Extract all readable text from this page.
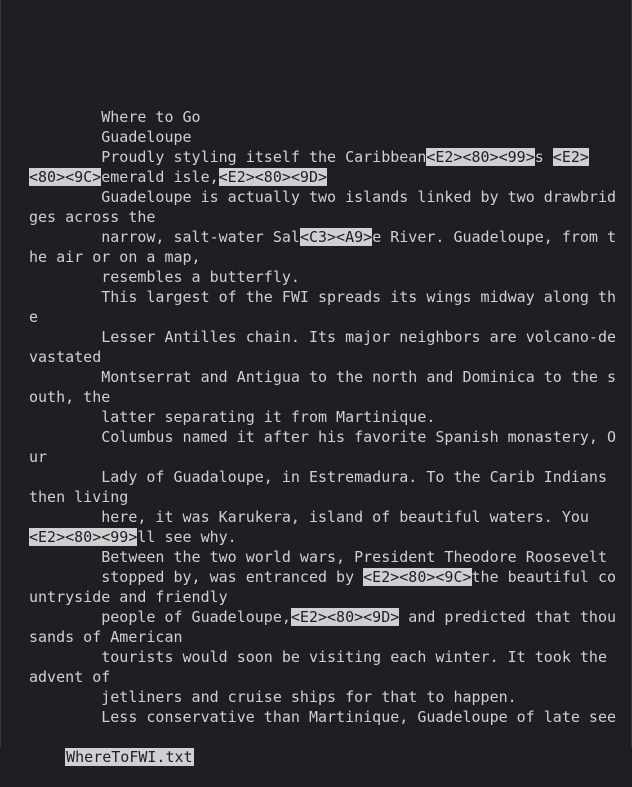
Where to Go
Guadeloupe
Proudly styling itself the Caribbean<E2><80><99>s <E2>
<80><9C>emerald isle,<E2><80><9D>
Guadeloupe is actually two islands linked by two drawbrid
ges across the
narrow, salt-water Sal<C3><A9>e River. Guadeloupe, from t
he air or on a map,
resembles a butterfly.
This largest of the FWI spreads its wings midway along th
e
Lesser Antilles chain. Its major neighbors are volcano-de
vastated
Montserrat and Antigua to the north and Dominica to the s
outh, the
latter separating it from Martinique.
Columbus named it after his favorite Spanish monastery, O
ur
Lady of Guadaloupe, in Estremadura. To the Carib Indians
then living
here, it was Karukera, island of beautiful waters. You
<E2><80><99>ll see why.
Between the two world wars, President Theodore Roosevelt
stopped by, was entranced by <E2><80><9C>the beautiful co
untryside and friendly
people of Guadeloupe,<E2><80><9D> and predicted that thou
sands of American
tourists would soon be visiting each winter. It took the
advent of
jetliners and cruise ships for that to happen.
Less conservative than Martinique, Guadeloupe of late see

WhereToFWI.txt
